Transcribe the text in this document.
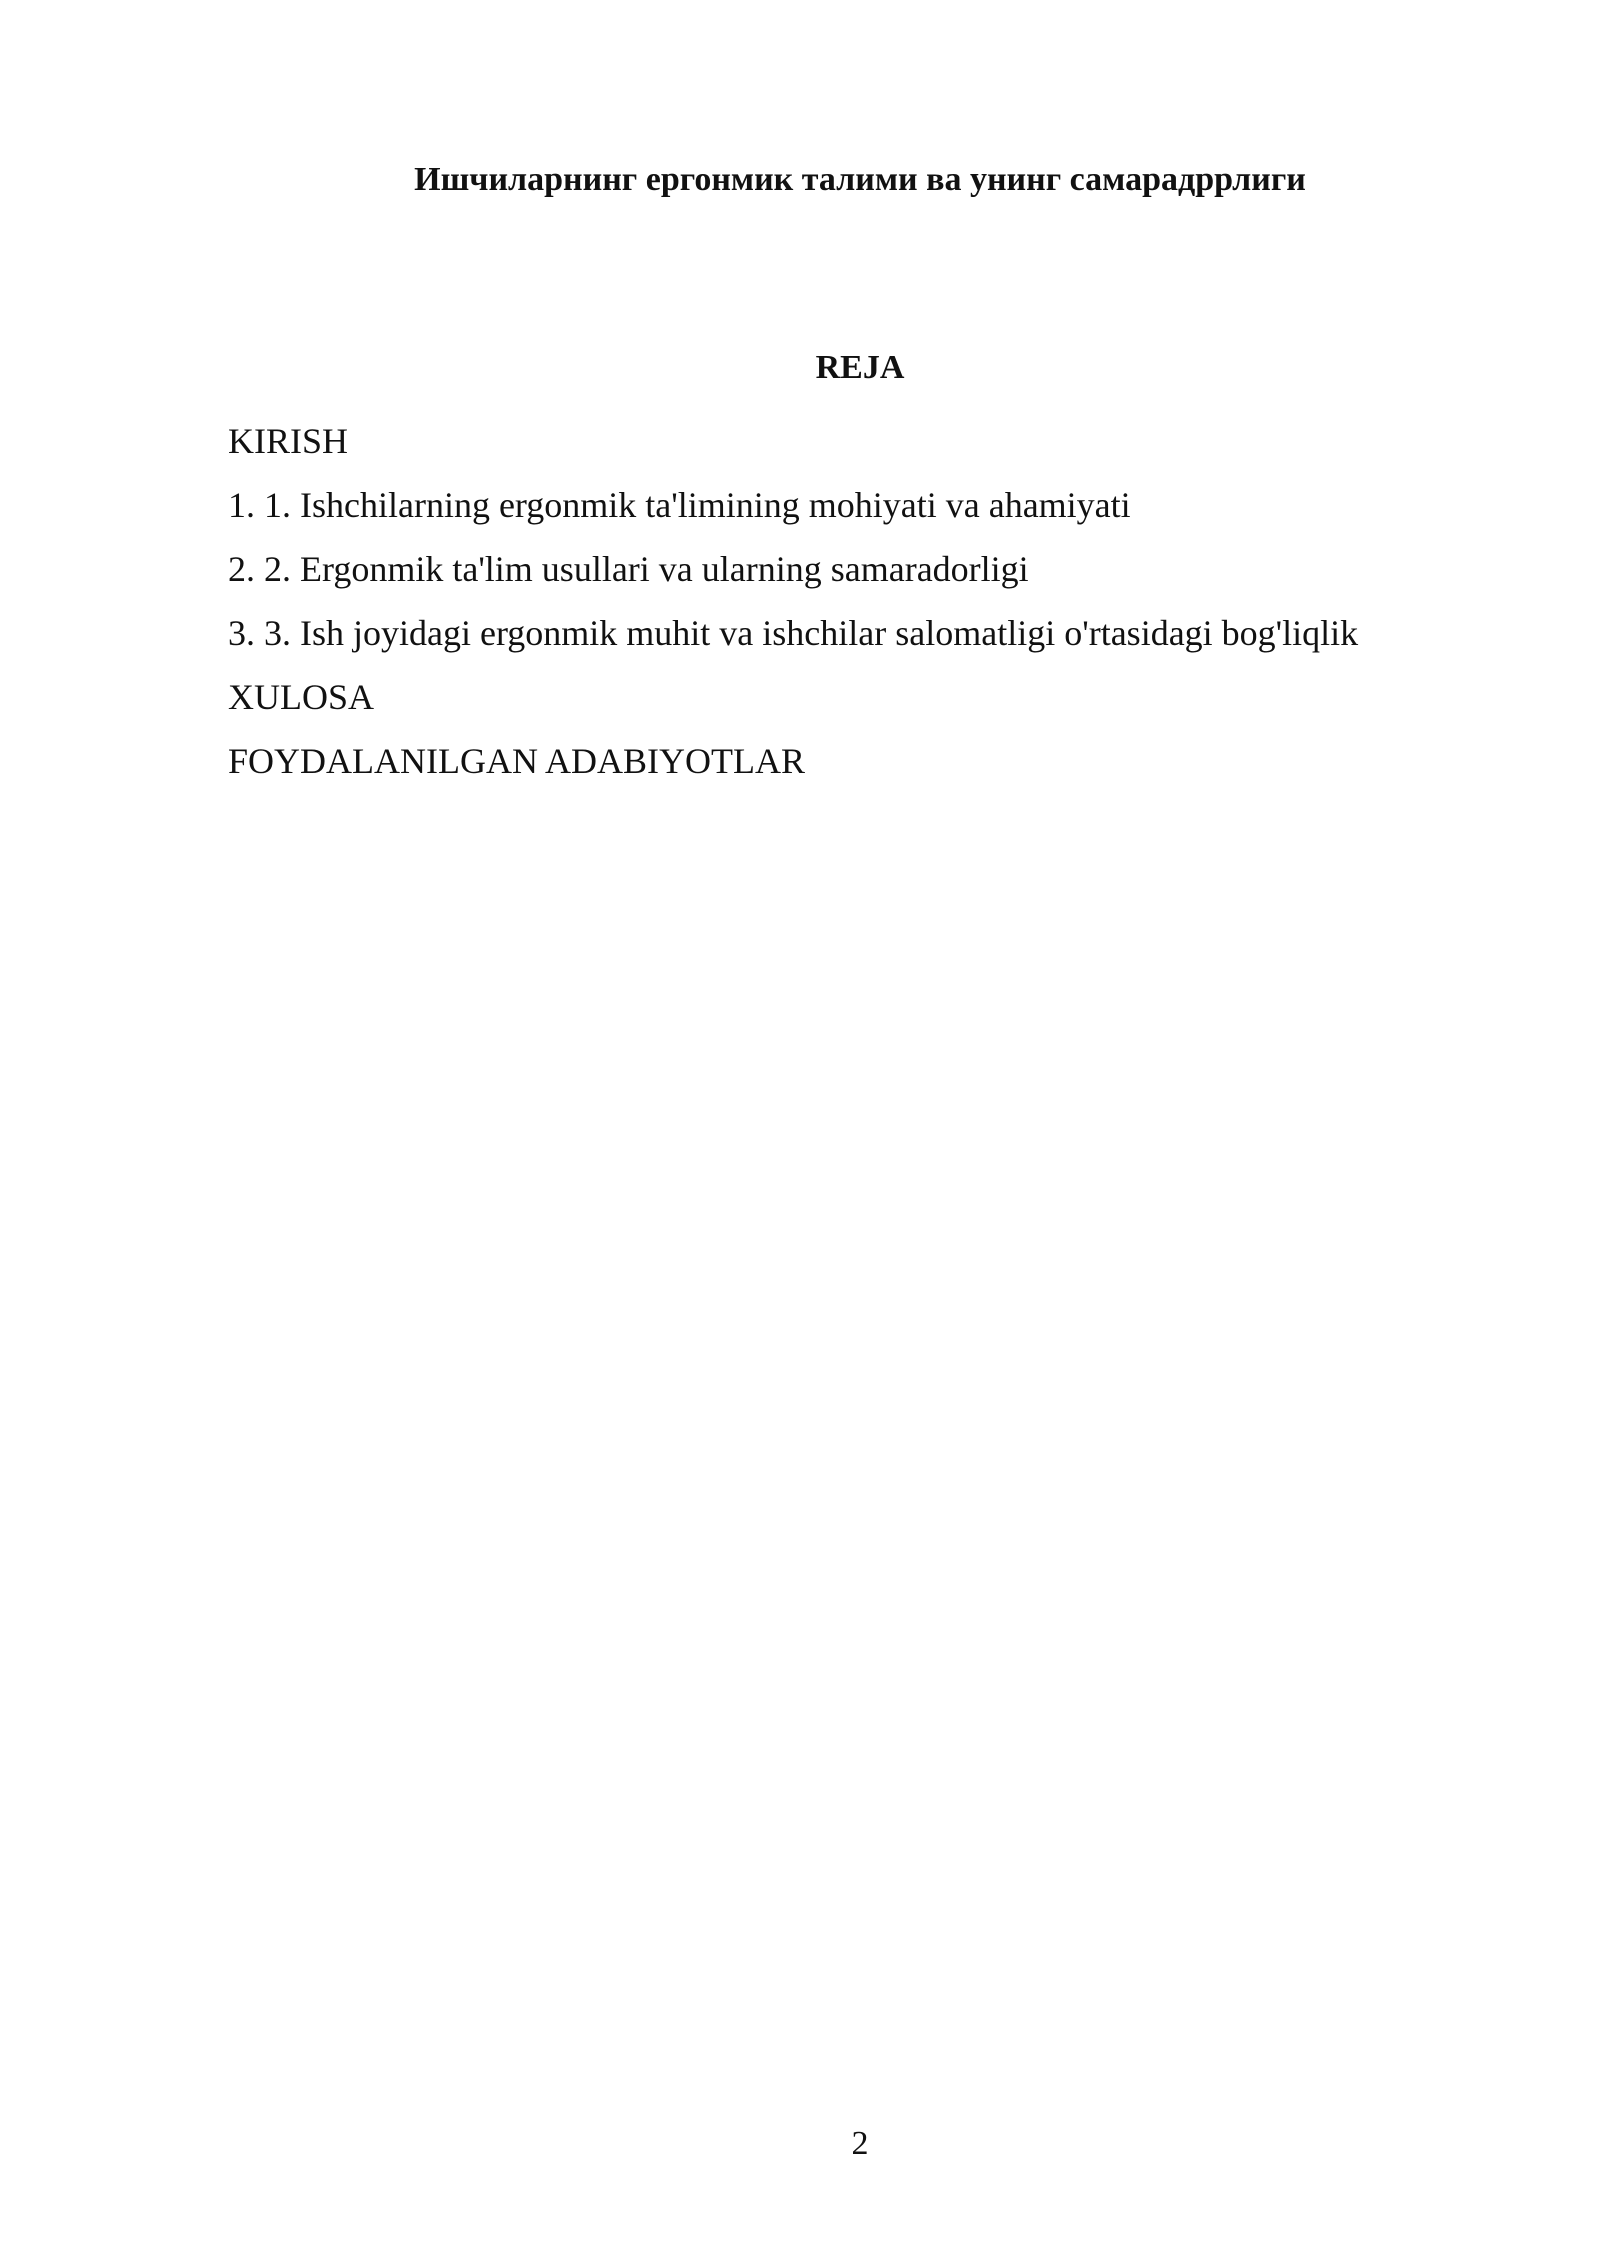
Ишчиларнинг ергонмик талими ва унинг самарадррлиги
REJA
KIRISH
1. 1. Ishchilarning ergonmik ta'limining mohiyati va ahamiyati
2. 2. Ergonmik ta'lim usullari va ularning samaradorligi
3. 3. Ish joyidagi ergonmik muhit va ishchilar salomatligi o'rtasidagi bog'liqlik
XULOSA
FOYDALANILGAN ADABIYOTLAR
2
